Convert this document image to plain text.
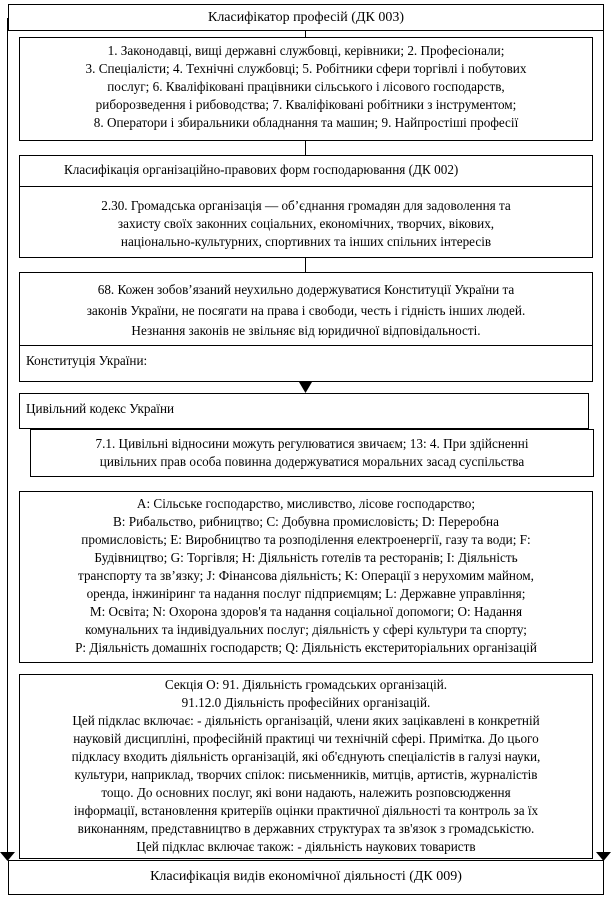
Класифікатор професій (ДК 003)
1. Законодавці, вищі державні службовці, керівники; 2. Професіонали;
3. Спеціалісти; 4. Технічні службовці; 5. Робітники сфери торгівлі і побутових
послуг; 6. Кваліфіковані працівники сільського і лісового господарств,
риборозведення і рибоводства; 7. Кваліфіковані робітники з інструментом;
8. Оператори і збиральники обладнання та машин; 9. Найпростіші професії
Класифікація організаційно-правових форм господарювання (ДК 002)
2.30. Громадська організація — об’єднання громадян для задоволення та
захисту своїх законних соціальних, економічних, творчих, вікових,
національно-культурних, спортивних та інших спільних інтересів
68. Кожен зобов’язаний неухильно додержуватися Конституції України та
законів України, не посягати на права і свободи, честь і гідність інших людей.
Незнання законів не звільняє від юридичної відповідальності.
Конституція України:
Цивільний кодекс України
7.1. Цивільні відносини можуть регулюватися звичаєм; 13: 4. При здійсненні
цивільних прав особа повинна додержуватися моральних засад суспільства
A: Сільське господарство, мисливство, лісове господарство;
B: Рибальство, рибництво; C: Добувна промисловість; D: Переробна
промисловість; E: Виробництво та розподілення електроенергії, газу та води; F:
Будівництво; G: Торгівля; H: Діяльність готелів та ресторанів; I: Діяльність
транспорту та зв’язку; J: Фінансова діяльність; K: Операції з нерухомим майном,
оренда, інжиніринг та надання послуг підприємцям; L: Державне управління;
M: Освіта; N: Охорона здоров'я та надання соціальної допомоги; O: Надання
комунальних та індивідуальних послуг; діяльність у сфері культури та спорту;
P: Діяльність домашніх господарств; Q: Діяльність екстериторіальних організацій
Секція O: 91. Діяльність громадських організацій.
91.12.0 Діяльність професійних організацій.
Цей підклас включає: - діяльність організацій, члени яких зацікавлені в конкретній
науковій дисципліні, професійній практиці чи технічній сфері. Примітка. До цього
підкласу входить діяльність організацій, які об'єднують спеціалістів в галузі науки,
культури, наприклад, творчих спілок: письменників, митців, артистів, журналістів
тощо. До основних послуг, які вони надають, належить розповсюдження
інформації, встановлення критеріїв оцінки практичної діяльності та контроль за їх
виконанням, представництво в державних структурах та зв'язок з громадськістю.
Цей підклас включає також: - діяльність наукових товариств
Класифікація видів економічної діяльності (ДК 009)
